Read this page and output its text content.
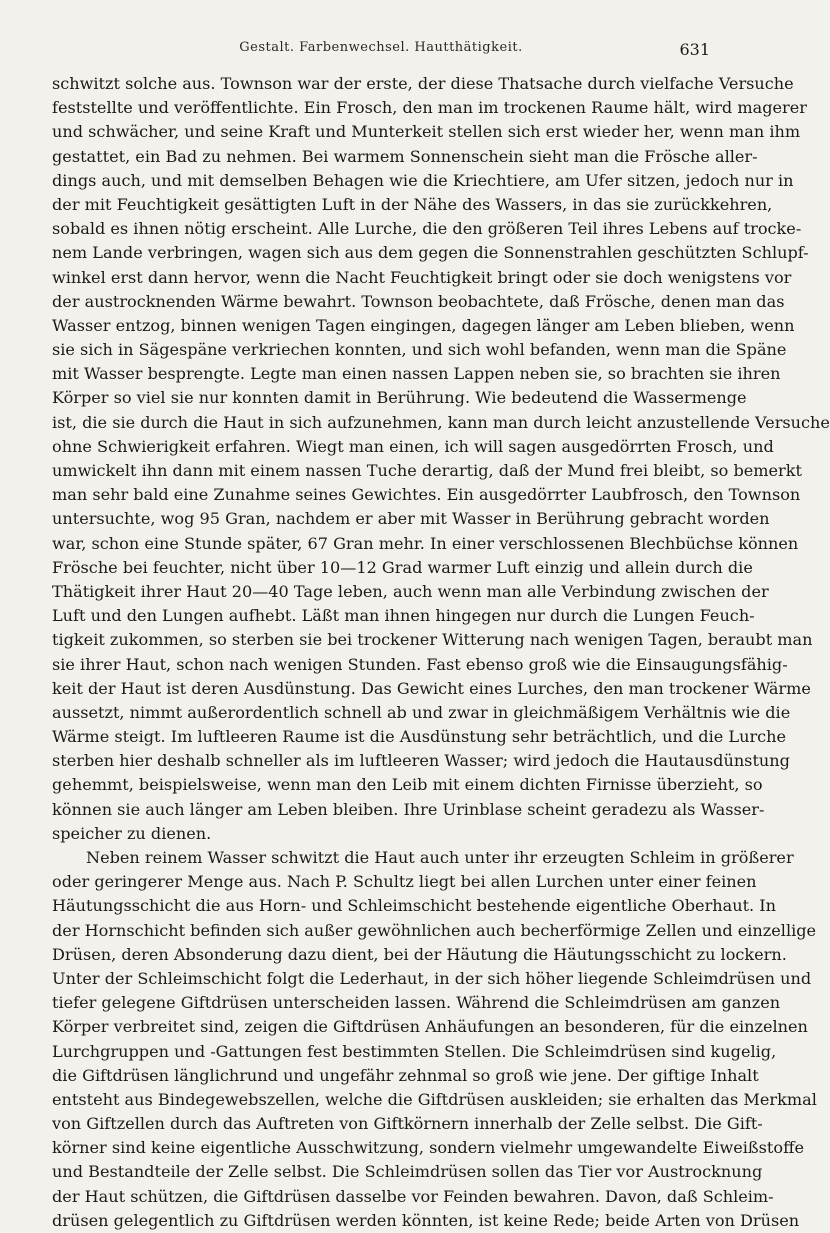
Gestalt. Farbenwechsel. Hautthätigkeit.	631

schwitzt solche aus. Townson war der erste, der diese Thatsache durch vielfache Versuche
feststellte und veröffentlichte. Ein Frosch, den man im trockenen Raume hält, wird magerer
und schwächer, und seine Kraft und Munterkeit stellen sich erst wieder her, wenn man ihm
gestattet, ein Bad zu nehmen. Bei warmem Sonnenschein sieht man die Frösche aller-
dings auch, und mit demselben Behagen wie die Kriechtiere, am Ufer sitzen, jedoch nur in
der mit Feuchtigkeit gesättigten Luft in der Nähe des Wassers, in das sie zurückkehren,
sobald es ihnen nötig erscheint. Alle Lurche, die den größeren Teil ihres Lebens auf trocke-
nem Lande verbringen, wagen sich aus dem gegen die Sonnenstrahlen geschützten Schlupf-
winkel erst dann hervor, wenn die Nacht Feuchtigkeit bringt oder sie doch wenigstens vor
der austrocknenden Wärme bewahrt. Townson beobachtete, daß Frösche, denen man das
Wasser entzog, binnen wenigen Tagen eingingen, dagegen länger am Leben blieben, wenn
sie sich in Sägespäne verkriechen konnten, und sich wohl befanden, wenn man die Späne
mit Wasser besprengte. Legte man einen nassen Lappen neben sie, so brachten sie ihren
Körper so viel sie nur konnten damit in Berührung. Wie bedeutend die Wassermenge
ist, die sie durch die Haut in sich aufzunehmen, kann man durch leicht anzustellende Versuche
ohne Schwierigkeit erfahren. Wiegt man einen, ich will sagen ausgedörrten Frosch, und
umwickelt ihn dann mit einem nassen Tuche derartig, daß der Mund frei bleibt, so bemerkt
man sehr bald eine Zunahme seines Gewichtes. Ein ausgedörrter Laubfrosch, den Townson
untersuchte, wog 95 Gran, nachdem er aber mit Wasser in Berührung gebracht worden
war, schon eine Stunde später, 67 Gran mehr. In einer verschlossenen Blechbüchse können
Frösche bei feuchter, nicht über 10—12 Grad warmer Luft einzig und allein durch die
Thätigkeit ihrer Haut 20—40 Tage leben, auch wenn man alle Verbindung zwischen der
Luft und den Lungen aufhebt. Läßt man ihnen hingegen nur durch die Lungen Feuch-
tigkeit zukommen, so sterben sie bei trockener Witterung nach wenigen Tagen, beraubt man
sie ihrer Haut, schon nach wenigen Stunden. Fast ebenso groß wie die Einsaugungsfähig-
keit der Haut ist deren Ausdünstung. Das Gewicht eines Lurches, den man trockener Wärme
aussetzt, nimmt außerordentlich schnell ab und zwar in gleichmäßigem Verhältnis wie die
Wärme steigt. Im luftleeren Raume ist die Ausdünstung sehr beträchtlich, und die Lurche
sterben hier deshalb schneller als im luftleeren Wasser; wird jedoch die Hautausdünstung
gehemmt, beispielsweise, wenn man den Leib mit einem dichten Firnisse überzieht, so
können sie auch länger am Leben bleiben. Ihre Urinblase scheint geradezu als Wasser-
speicher zu dienen.

Neben reinem Wasser schwitzt die Haut auch unter ihr erzeugten Schleim in größerer
oder geringerer Menge aus. Nach P. Schultz liegt bei allen Lurchen unter einer feinen
Häutungsschicht die aus Horn- und Schleimschicht bestehende eigentliche Oberhaut. In
der Hornschicht befinden sich außer gewöhnlichen auch becherförmige Zellen und einzellige
Drüsen, deren Absonderung dazu dient, bei der Häutung die Häutungsschicht zu lockern.
Unter der Schleimschicht folgt die Lederhaut, in der sich höher liegende Schleimdrüsen und
tiefer gelegene Giftdrüsen unterscheiden lassen. Während die Schleimdrüsen am ganzen
Körper verbreitet sind, zeigen die Giftdrüsen Anhäufungen an besonderen, für die einzelnen
Lurchgruppen und -Gattungen fest bestimmten Stellen. Die Schleimdrüsen sind kugelig,
die Giftdrüsen länglichrund und ungefähr zehnmal so groß wie jene. Der giftige Inhalt
entsteht aus Bindegewebszellen, welche die Giftdrüsen auskleiden; sie erhalten das Merkmal
von Giftzellen durch das Auftreten von Giftkörnern innerhalb der Zelle selbst. Die Gift-
körner sind keine eigentliche Ausschwitzung, sondern vielmehr umgewandelte Eiweißstoffe
und Bestandteile der Zelle selbst. Die Schleimdrüsen sollen das Tier vor Austrocknung
der Haut schützen, die Giftdrüsen dasselbe vor Feinden bewahren. Davon, daß Schleim-
drüsen gelegentlich zu Giftdrüsen werden könnten, ist keine Rede; beide Arten von Drüsen
